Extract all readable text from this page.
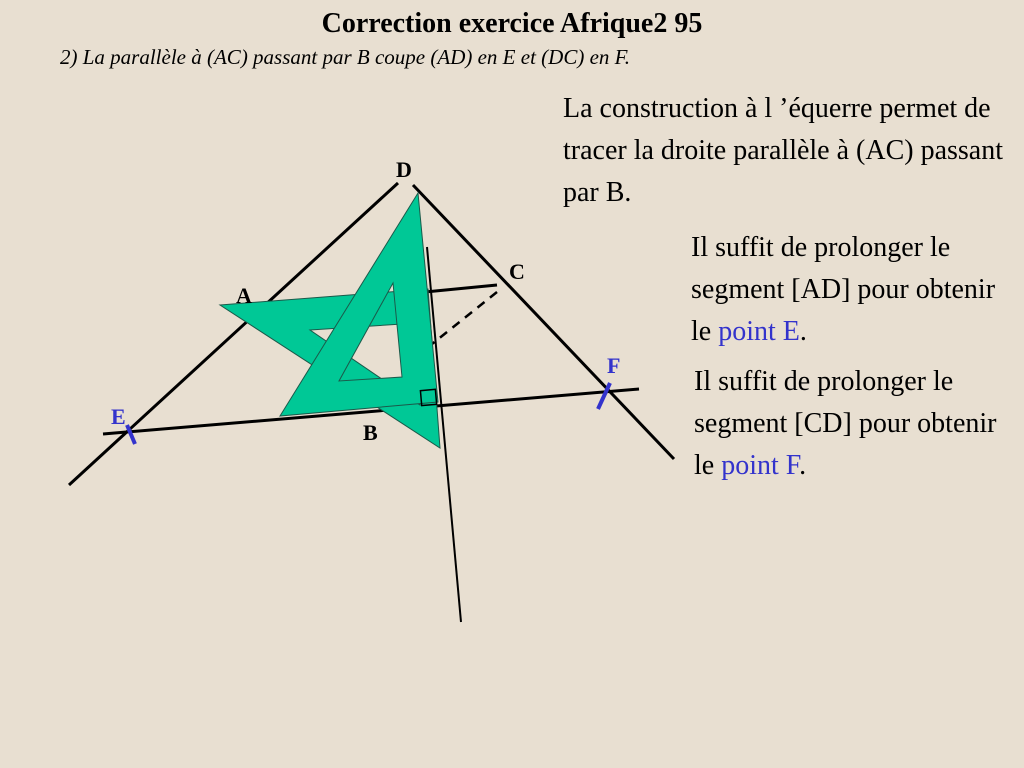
Correction exercice Afrique2 95
2) La parallèle à (AC) passant par B coupe (AD) en E et (DC) en F.
D
C
A
B
E
F
La construction à l ’équerre permet de tracer la droite parallèle à (AC) passant par B.
Il suffit de prolonger le segment [AD] pour obtenir le point E.
Il suffit de prolonger le segment [CD] pour obtenir le point F.
